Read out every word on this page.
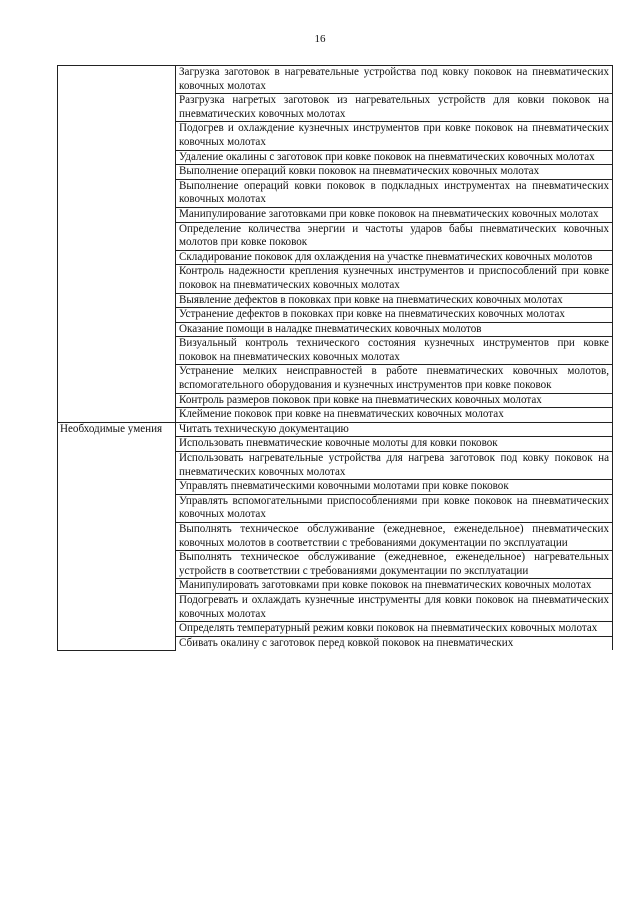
16
	Загрузка заготовок в нагревательные устройства под ковку поковок на пневматических ковочных молотах
	Разгрузка нагретых заготовок из нагревательных устройств для ковки поковок на пневматических ковочных молотах
	Подогрев и охлаждение кузнечных инструментов при ковке поковок на пневматических ковочных молотах
	Удаление окалины с заготовок при ковке поковок на пневматических ковочных молотах
	Выполнение операций ковки поковок на пневматических ковочных молотах
	Выполнение операций ковки поковок в подкладных инструментах на пневматических ковочных молотах
	Манипулирование заготовками при ковке поковок на пневматических ковочных молотах
	Определение количества энергии и частоты ударов бабы пневматических ковочных молотов при ковке поковок
	Складирование поковок для охлаждения на участке пневматических ковочных молотов
	Контроль надежности крепления кузнечных инструментов и приспособлений при ковке поковок на пневматических ковочных молотах
	Выявление дефектов в поковках при ковке на пневматических ковочных молотах
	Устранение дефектов в поковках при ковке на пневматических ковочных молотах
	Оказание помощи в наладке пневматических ковочных молотов
	Визуальный контроль технического состояния кузнечных инструментов при ковке поковок на пневматических ковочных молотах
	Устранение мелких неисправностей в работе пневматических ковочных молотов, вспомогательного оборудования и кузнечных инструментов при ковке поковок
	Контроль размеров поковок при ковке на пневматических ковочных молотах
	Клеймение поковок при ковке на пневматических ковочных молотах
Необходимые умения	Читать техническую документацию
	Использовать пневматические ковочные молоты для ковки поковок
	Использовать нагревательные устройства для нагрева заготовок под ковку поковок на пневматических ковочных молотах
	Управлять пневматическими ковочными молотами при ковке поковок
	Управлять вспомогательными приспособлениями при ковке поковок на пневматических ковочных молотах
	Выполнять техническое обслуживание (ежедневное, еженедельное) пневматических ковочных молотов в соответствии с требованиями документации по эксплуатации
	Выполнять техническое обслуживание (ежедневное, еженедельное) нагревательных устройств в соответствии с требованиями документации по эксплуатации
	Манипулировать заготовками при ковке поковок на пневматических ковочных молотах
	Подогревать и охлаждать кузнечные инструменты для ковки поковок на пневматических ковочных молотах
	Определять температурный режим ковки поковок на пневматических ковочных молотах
	Сбивать окалину с заготовок перед ковкой поковок на пневматических
